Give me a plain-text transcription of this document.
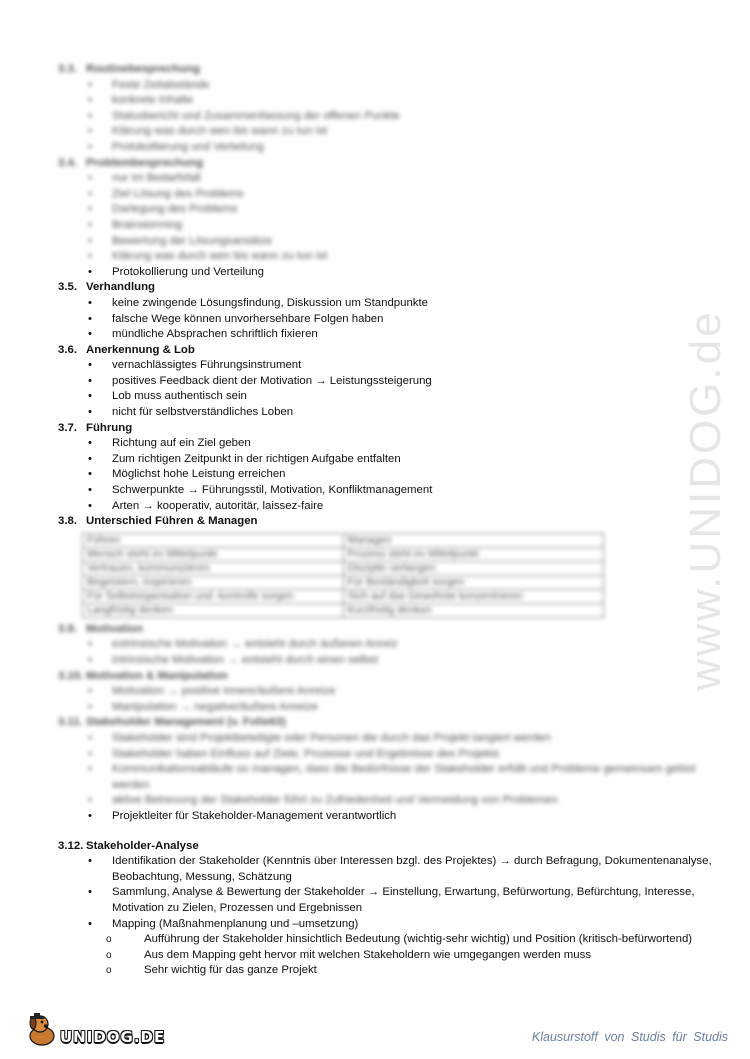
www.UNIDOG.de
3.3. Routinebesprechung
• Feste Zeitabstände
• konkrete Inhalte
• Statusbericht und Zusammenfassung der offenen Punkte
• Klärung was durch wen bis wann zu tun ist
• Protokollierung und Verteilung
3.4. Problembesprechung
• nur im Bedarfsfall
• Ziel Lösung des Problems
• Darlegung des Problems
• Brainstorming
• Bewertung der Lösungsansätze
• Klärung was durch wen bis wann zu tun ist
• Protokollierung und Verteilung
3.5. Verhandlung
• keine zwingende Lösungsfindung, Diskussion um Standpunkte
• falsche Wege können unvorhersehbare Folgen haben
• mündliche Absprachen schriftlich fixieren
3.6. Anerkennung & Lob
• vernachlässigtes Führungsinstrument
• positives Feedback dient der Motivation → Leistungssteigerung
• Lob muss authentisch sein
• nicht für selbstverständliches Loben
3.7. Führung
• Richtung auf ein Ziel geben
• Zum richtigen Zeitpunkt in der richtigen Aufgabe entfalten
• Möglichst hohe Leistung erreichen
• Schwerpunkte → Führungsstil, Motivation, Konfliktmanagement
• Arten → kooperativ, autoritär, laissez-faire
3.8. Unterschied Führen & Managen
Führen	Managen
Mensch steht im Mittelpunkt	Prozess steht im Mittelpunkt
Vertrauen, kommunizieren	Disziplin verlangen
Begeistern, inspirieren	Für Beständigkeit sorgen
Für Selbstorganisation und -kontrolle sorgen	Sich auf das Gewohnte konzentrieren
Langfristig denken	Kurzfristig denken
3.9. Motivation
• extrinsische Motivation → entsteht durch äußeren Anreiz
• intrinsische Motivation → entsteht durch einen selbst
3.10. Motivation & Manipulation
• Motivation → positive innere/äußere Anreize
• Manipulation → negative/äußere Anreize
3.11. Stakeholder Management (v. Folie63)
• Stakeholder sind Projektbeteiligte oder Personen die durch das Projekt tangiert werden
• Stakeholder haben Einfluss auf Ziele, Prozesse und Ergebnisse des Projekts
• Kommunikationsabläufe so managen, dass die Bedürfnisse der Stakeholder erfüllt und Probleme gemeinsam gelöst werden
• aktive Betreuung der Stakeholder führt zu Zufriedenheit und Vermeidung von Problemen
• Projektleiter für Stakeholder-Management verantwortlich
3.12. Stakeholder-Analyse
• Identifikation der Stakeholder (Kenntnis über Interessen bzgl. des Projektes) → durch Befragung, Dokumentenanalyse, Beobachtung, Messung, Schätzung
• Sammlung, Analyse & Bewertung der Stakeholder → Einstellung, Erwartung, Befürwortung, Befürchtung, Interesse, Motivation zu Zielen, Prozessen und Ergebnissen
• Mapping (Maßnahmenplanung und –umsetzung)
o Aufführung der Stakeholder hinsichtlich Bedeutung (wichtig-sehr wichtig) und Position (kritisch-befürwortend)
o Aus dem Mapping geht hervor mit welchen Stakeholdern wie umgegangen werden muss
o Sehr wichtig für das ganze Projekt
UNIDOG.DE	Klausurstoff von Studis für Studis
